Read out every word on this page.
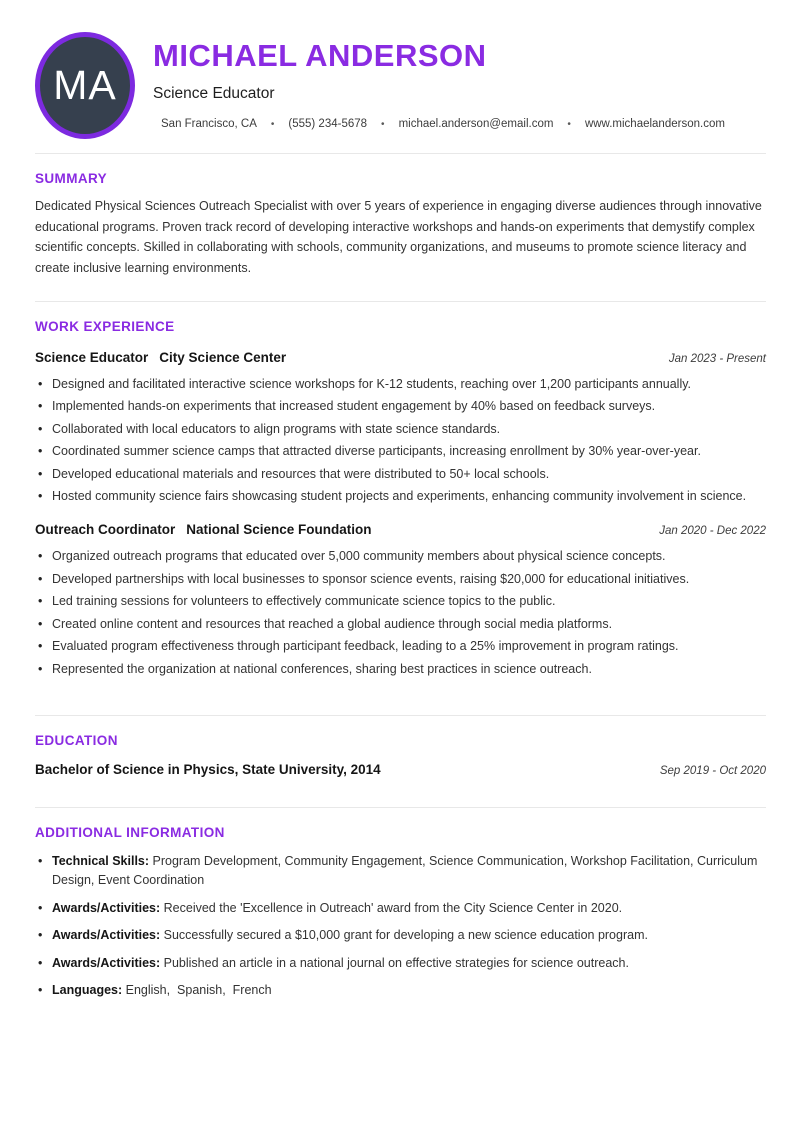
MA
MICHAEL ANDERSON
Science Educator
San Francisco, CA •	(555) 234-5678 •	michael.anderson@email.com •	www.michaelanderson.com
SUMMARY

Dedicated Physical Sciences Outreach Specialist with over 5 years of experience in engaging diverse audiences through innovative educational programs. Proven track record of developing interactive workshops and hands-on experiments that demystify complex scientific concepts. Skilled in collaborating with schools, community organizations, and museums to promote science literacy and create inclusive learning environments.

WORK EXPERIENCE
Science Educator City Science Center	Jan 2023 - Present
• Designed and facilitated interactive science workshops for K-12 students, reaching over 1,200 participants annually.
• Implemented hands-on experiments that increased student engagement by 40% based on feedback surveys.
• Collaborated with local educators to align programs with state science standards.
• Coordinated summer science camps that attracted diverse participants, increasing enrollment by 30% year-over-year.
• Developed educational materials and resources that were distributed to 50+ local schools.
• Hosted community science fairs showcasing student projects and experiments, enhancing community involvement in science.
Outreach Coordinator National Science Foundation	Jan 2020 - Dec 2022
• Organized outreach programs that educated over 5,000 community members about physical science concepts.
• Developed partnerships with local businesses to sponsor science events, raising $20,000 for educational initiatives.
• Led training sessions for volunteers to effectively communicate science topics to the public.
• Created online content and resources that reached a global audience through social media platforms.
• Evaluated program effectiveness through participant feedback, leading to a 25% improvement in program ratings.
• Represented the organization at national conferences, sharing best practices in science outreach.
EDUCATION
Bachelor of Science in Physics, State University, 2014	Sep 2019 - Oct 2020
ADDITIONAL INFORMATION
• Technical Skills: Program Development, Community Engagement, Science Communication, Workshop Facilitation, Curriculum Design, Event Coordination
• Awards/Activities: Received the 'Excellence in Outreach' award from the City Science Center in 2020.
• Awards/Activities: Successfully secured a $10,000 grant for developing a new science education program.
• Awards/Activities: Published an article in a national journal on effective strategies for science outreach.
• Languages: English,  Spanish,  French
